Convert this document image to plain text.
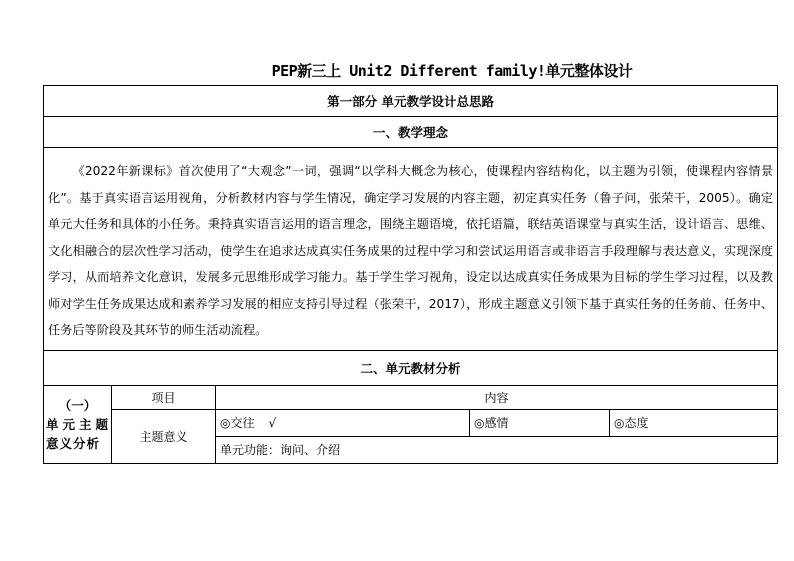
PEP新三上 Unit2 Different family!单元整体设计
第一部分 单元教学设计总思路				
一、教学理念				
《2022年新课标》首次使用了“大观念”一词，强调“以学科大概念为核心，使课程内容结构化，以主题为引领，使课程内容情景化”。基于真实语言运用视角，分析教材内容与学生情况，确定学习发展的内容主题，初定真实任务（鲁子问，张荣干，2005）。确定单元大任务和具体的小任务。秉持真实语言运用的语言理念，围绕主题语境，依托语篇，联结英语课堂与真实生活，设计语言、思维、文化相融合的层次性学习活动，使学生在追求达成真实任务成果的过程中学习和尝试运用语言或非语言手段理解与表达意义，实现深度学习，从而培养文化意识，发展多元思维形成学习能力。基于学生学习视角，设定以达成真实任务成果为目标的学生学习过程，以及教师对学生任务成果达成和素养学习发展的相应支持引导过程（张荣干，2017），形成主题意义引领下基于真实任务的任务前、任务中、任务后等阶段及其环节的师生活动流程。				
二、单元教材分析				

（一）
单元主题意义分析	项目	内容		
	主题意义	◎交往 √	◎感情	◎态度
		单元功能：询问、介绍		
